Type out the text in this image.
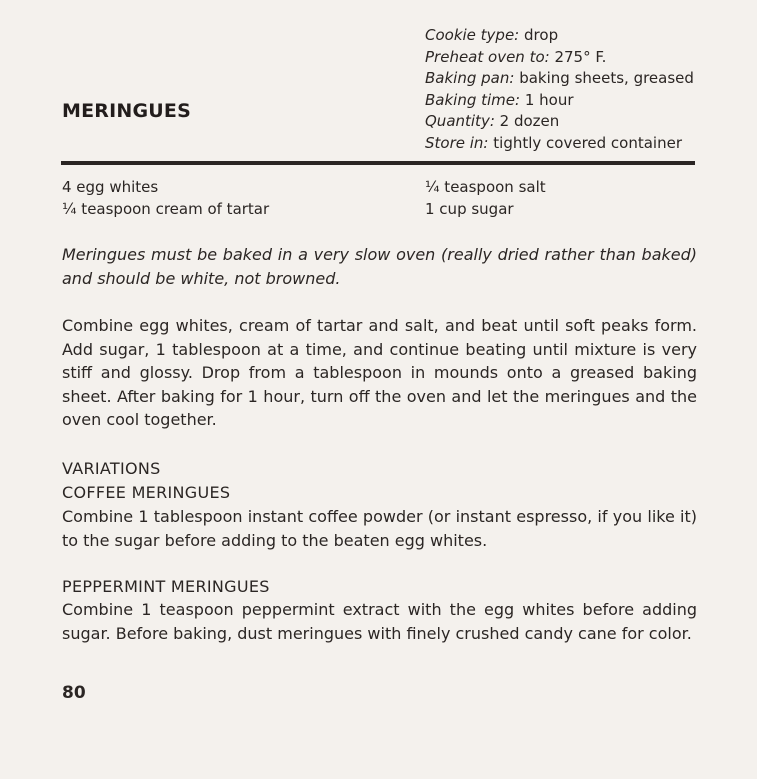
MERINGUES
Cookie type: drop
Preheat oven to: 275° F.
Baking pan: baking sheets, greased
Baking time: 1 hour
Quantity: 2 dozen
Store in: tightly covered container
4 egg whites
¼ teaspoon cream of tartar
¼ teaspoon salt
1 cup sugar
Meringues must be baked in a very slow oven (really dried rather than baked) and should be white, not browned.
Combine egg whites, cream of tartar and salt, and beat until soft peaks form. Add sugar, 1 tablespoon at a time, and continue beating until mixture is very stiff and glossy. Drop from a tablespoon in mounds onto a greased baking sheet. After baking for 1 hour, turn off the oven and let the meringues and the oven cool together.
VARIATIONS
COFFEE MERINGUES
Combine 1 tablespoon instant coffee powder (or instant espresso, if you like it) to the sugar before adding to the beaten egg whites.
PEPPERMINT MERINGUES
Combine 1 teaspoon peppermint extract with the egg whites before adding sugar. Before baking, dust meringues with finely crushed candy cane for color.
80
